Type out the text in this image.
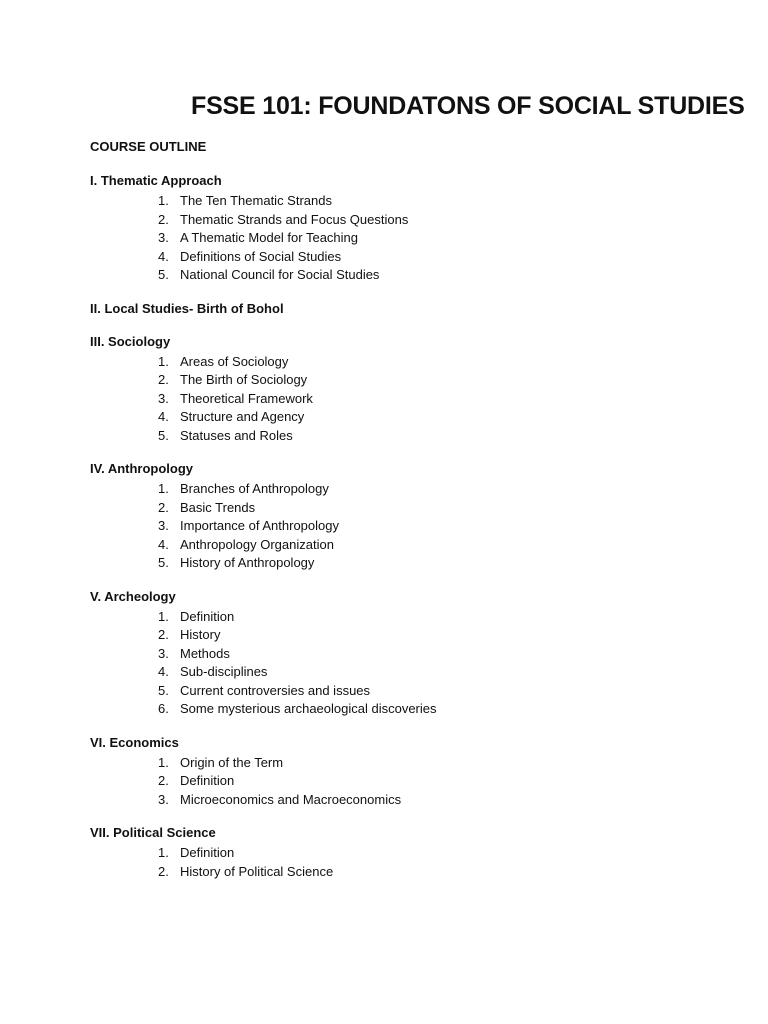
FSSE 101: FOUNDATONS OF SOCIAL STUDIES
COURSE OUTLINE
I. Thematic Approach
1. The Ten Thematic Strands
2. Thematic Strands and Focus Questions
3. A Thematic Model for Teaching
4. Definitions of Social Studies
5. National Council for Social Studies
II. Local Studies- Birth of Bohol
III. Sociology
1. Areas of Sociology
2. The Birth of Sociology
3. Theoretical Framework
4. Structure and Agency
5. Statuses and Roles
IV. Anthropology
1. Branches of Anthropology
2. Basic Trends
3. Importance of Anthropology
4. Anthropology Organization
5. History of Anthropology
V. Archeology
1. Definition
2. History
3. Methods
4. Sub-disciplines
5. Current controversies and issues
6. Some mysterious archaeological discoveries
VI. Economics
1. Origin of the Term
2. Definition
3. Microeconomics and Macroeconomics
VII. Political Science
1. Definition
2. History of Political Science
